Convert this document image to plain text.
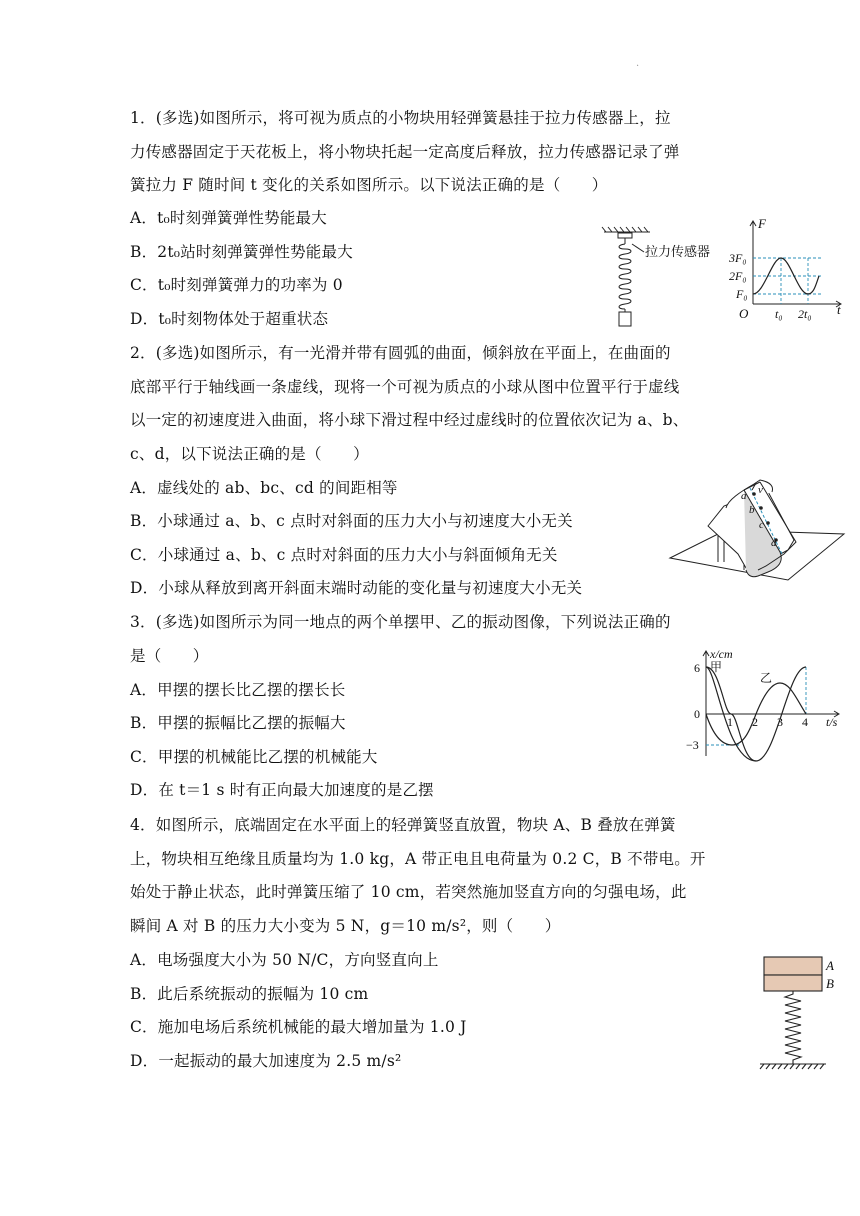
.
1．(多选)如图所示，将可视为质点的小物块用轻弹簧悬挂于拉力传感器上，拉
力传感器固定于天花板上，将小物块托起一定高度后释放，拉力传感器记录了弹
簧拉力 F 随时间 t 变化的关系如图所示。以下说法正确的是（　　）
A．t₀时刻弹簧弹性势能最大
B．2t₀站时刻弹簧弹性势能最大
C．t₀时刻弹簧弹力的功率为 0
D．t₀时刻物体处于超重状态
拉力传感器
F
t
O
3F₀
2F₀
F₀
t₀ 2t₀
2．(多选)如图所示，有一光滑并带有圆弧的曲面，倾斜放在平面上，在曲面的
底部平行于轴线画一条虚线，现将一个可视为质点的小球从图中位置平行于虚线
以一定的初速度进入曲面，将小球下滑过程中经过虚线时的位置依次记为 a、b、
c、d，以下说法正确的是（　　）
A．虚线处的 ab、bc、cd 的间距相等
B．小球通过 a、b、c 点时对斜面的压力大小与初速度大小无关
C．小球通过 a、b、c 点时对斜面的压力大小与斜面倾角无关
D．小球从释放到离开斜面末端时动能的变化量与初速度大小无关
v
a
b
c
d
3．(多选)如图所示为同一地点的两个单摆甲、乙的振动图像，下列说法正确的
是（　　）
A．甲摆的摆长比乙摆的摆长长
B．甲摆的振幅比乙摆的振幅大
C．甲摆的机械能比乙摆的机械能大
D．在 t＝1 s 时有正向最大加速度的是乙摆
x/cm
t/s
甲
乙
6
0
−3
1 2 3 4
4．如图所示，底端固定在水平面上的轻弹簧竖直放置，物块 A、B 叠放在弹簧
上，物块相互绝缘且质量均为 1.0 kg，A 带正电且电荷量为 0.2 C，B 不带电。开
始处于静止状态，此时弹簧压缩了 10 cm，若突然施加竖直方向的匀强电场，此
瞬间 A 对 B 的压力大小变为 5 N，g＝10 m/s²，则（　　）
A．电场强度大小为 50 N/C，方向竖直向上
B．此后系统振动的振幅为 10 cm
C．施加电场后系统机械能的最大增加量为 1.0 J
D．一起振动的最大加速度为 2.5 m/s²
A
B
